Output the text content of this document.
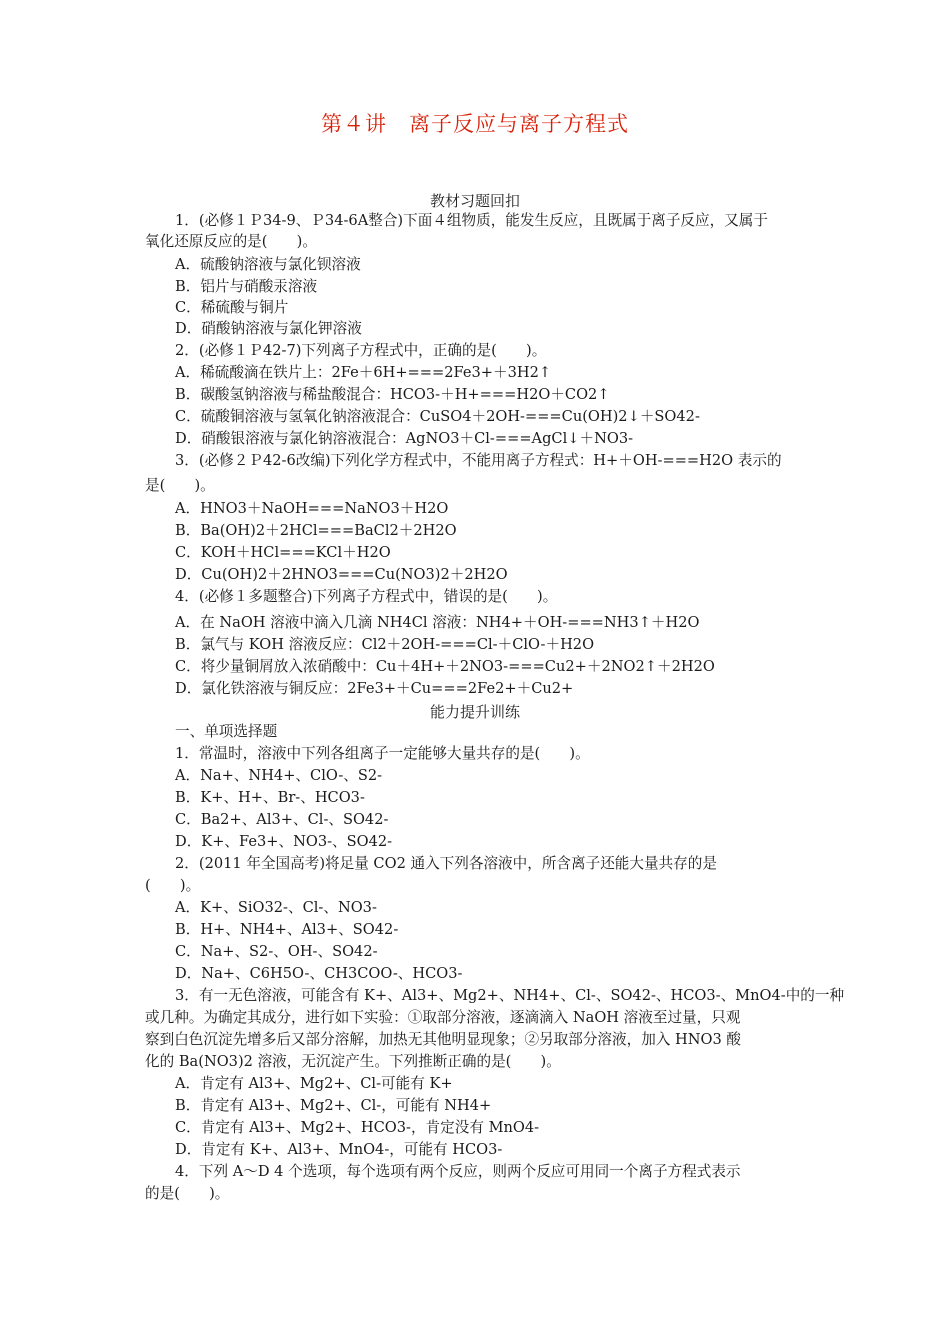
第４讲　离子反应与离子方程式
教材习题回扣
能力提升训练
1．(必修１Ｐ34-9、Ｐ34-6A整合)下面４组物质，能发生反应，且既属于离子反应，又属于
氧化还原反应的是(　　)。
A．硫酸钠溶液与氯化钡溶液
B．铝片与硝酸汞溶液
C．稀硫酸与铜片
D．硝酸钠溶液与氯化钾溶液
2．(必修１Ｐ42-7)下列离子方程式中，正确的是(　　)。
A．稀硫酸滴在铁片上：2Fe＋6H+===2Fe3+＋3H2↑
B．碳酸氢钠溶液与稀盐酸混合：HCO3-＋H+===H2O＋CO2↑
C．硫酸铜溶液与氢氧化钠溶液混合：CuSO4＋2OH-===Cu(OH)2↓＋SO42-
D．硝酸银溶液与氯化钠溶液混合：AgNO3＋Cl-===AgCl↓＋NO3-
3．(必修２Ｐ42-6改编)下列化学方程式中，不能用离子方程式：H+＋OH-===H2O 表示的
是(　　)。
A．HNO3＋NaOH===NaNO3＋H2O
B．Ba(OH)2＋2HCl===BaCl2＋2H2O
C．KOH＋HCl===KCl＋H2O
D．Cu(OH)2＋2HNO3===Cu(NO3)2＋2H2O
4．(必修１多题整合)下列离子方程式中，错误的是(　　)。
A．在 NaOH 溶液中滴入几滴 NH4Cl 溶液：NH4+＋OH-===NH3↑＋H2O
B．氯气与 KOH 溶液反应：Cl2＋2OH-===Cl-＋ClO-＋H2O
C．将少量铜屑放入浓硝酸中：Cu＋4H+＋2NO3-===Cu2+＋2NO2↑＋2H2O
D．氯化铁溶液与铜反应：2Fe3+＋Cu===2Fe2+＋Cu2+
一、单项选择题
1．常温时，溶液中下列各组离子一定能够大量共存的是(　　)。
A．Na+、NH4+、ClO-、S2-
B．K+、H+、Br-、HCO3-
C．Ba2+、Al3+、Cl-、SO42-
D．K+、Fe3+、NO3-、SO42-
2．(2011 年全国高考)将足量 CO2 通入下列各溶液中，所含离子还能大量共存的是
(　　)。
A．K+、SiO32-、Cl-、NO3-
B．H+、NH4+、Al3+、SO42-
C．Na+、S2-、OH-、SO42-
D．Na+、C6H5O-、CH3COO-、HCO3-
3．有一无色溶液，可能含有 K+、Al3+、Mg2+、NH4+、Cl-、SO42-、HCO3-、MnO4-中的一种
或几种。为确定其成分，进行如下实验：①取部分溶液，逐滴滴入 NaOH 溶液至过量，只观
察到白色沉淀先增多后又部分溶解，加热无其他明显现象；②另取部分溶液，加入 HNO3 酸
化的 Ba(NO3)2 溶液，无沉淀产生。下列推断正确的是(　　)。
A．肯定有 Al3+、Mg2+、Cl-可能有 K+
B．肯定有 Al3+、Mg2+、Cl-，可能有 NH4+
C．肯定有 Al3+、Mg2+、HCO3-，肯定没有 MnO4-
D．肯定有 K+、Al3+、MnO4-，可能有 HCO3-
4．下列 A～D 4 个选项，每个选项有两个反应，则两个反应可用同一个离子方程式表示
的是(　　)。
